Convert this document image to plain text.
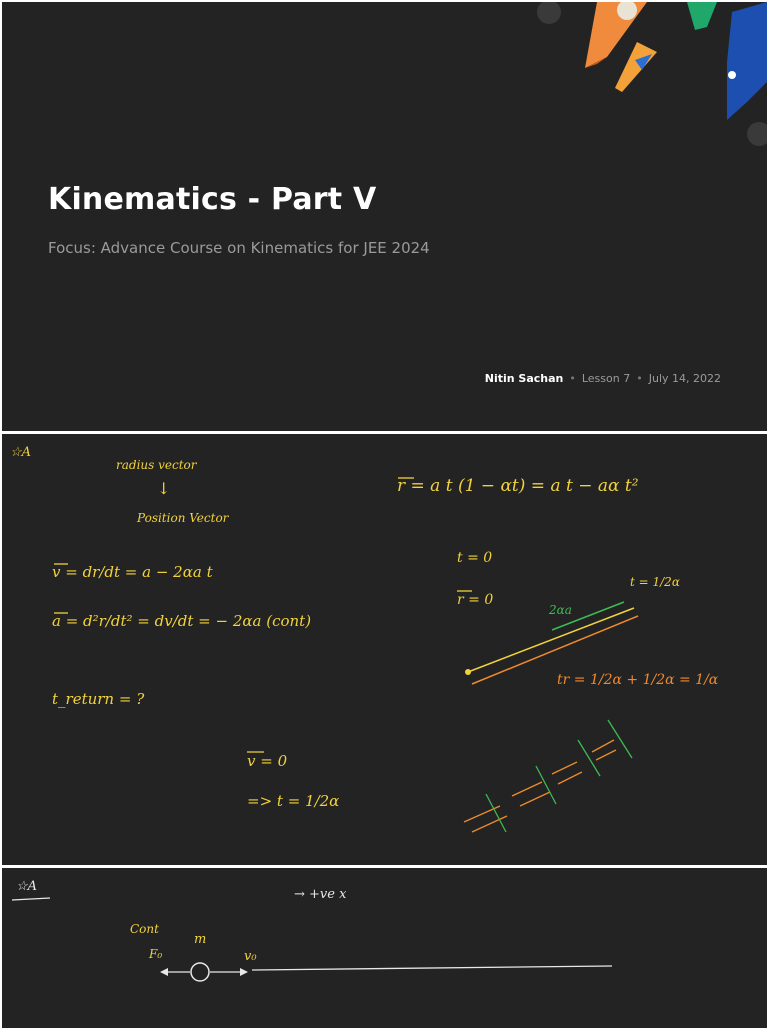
Kinematics - Part V
Focus: Advance Course on Kinematics for JEE 2024
Nitin Sachan • Lesson 7 • July 14, 2022
☆A
radius vector
↓
Position Vector
r = a t (1 − αt) = a t − aα t²
v = dr/dt = a − 2αa t
a = d²r/dt² = dv/dt = − 2αa (cont)
t_return = ?
t = 0
r = 0
t = 1/2α
v = 0
=> t = 1/2α
2αa
tr = 1/2α + 1/2α = 1/α
☆A
→ +ve x
Cont
m
F₀	v₀
